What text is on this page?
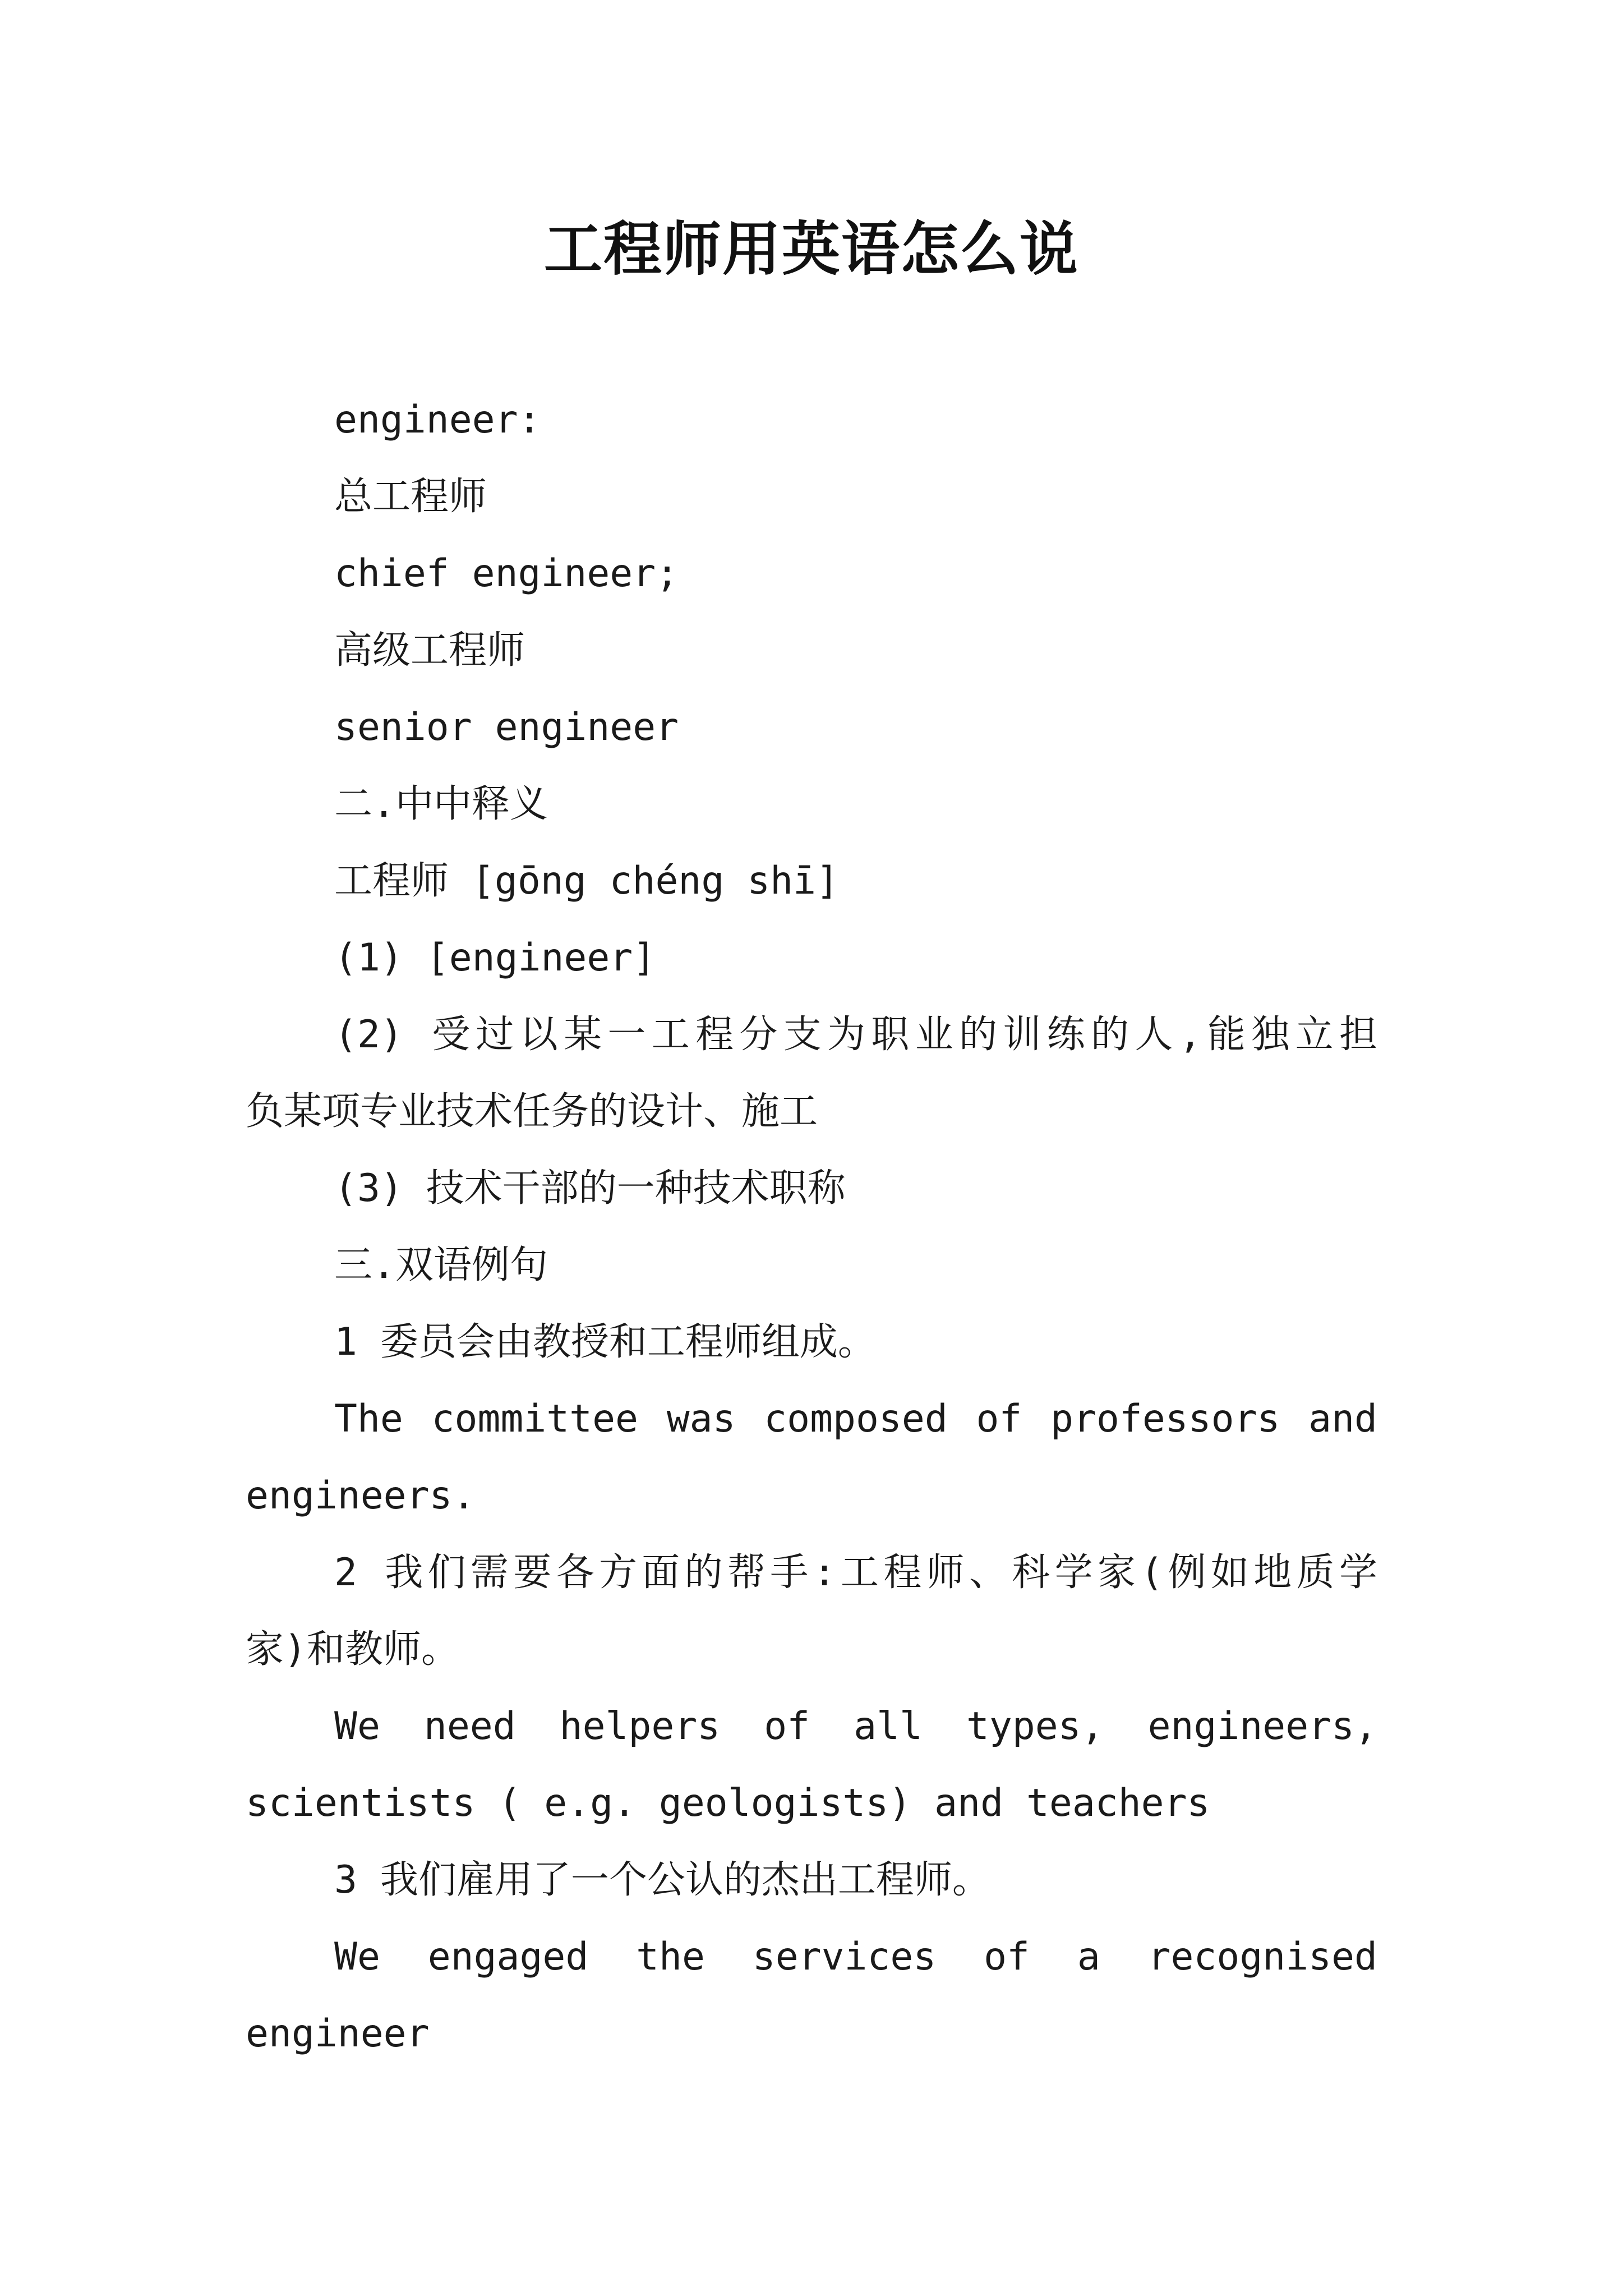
工程师用英语怎么说
engineer:
总工程师
chief engineer;
高级工程师
senior engineer
二.中中释义
工程师 [gōng chéng shī]
(1) [engineer]
(2) 受过以某一工程分支为职业的训练的人,能独立担
负某项专业技术任务的设计、施工
(3) 技术干部的一种技术职称
三.双语例句
1 委员会由教授和工程师组成。
The committee was composed of professors and
engineers.
2 我们需要各方面的帮手:工程师、科学家(例如地质学
家)和教师。
We need helpers of all types, engineers,
scientists ( e.g. geologists) and teachers
3 我们雇用了一个公认的杰出工程师。
We engaged the services of a recognised
engineer
